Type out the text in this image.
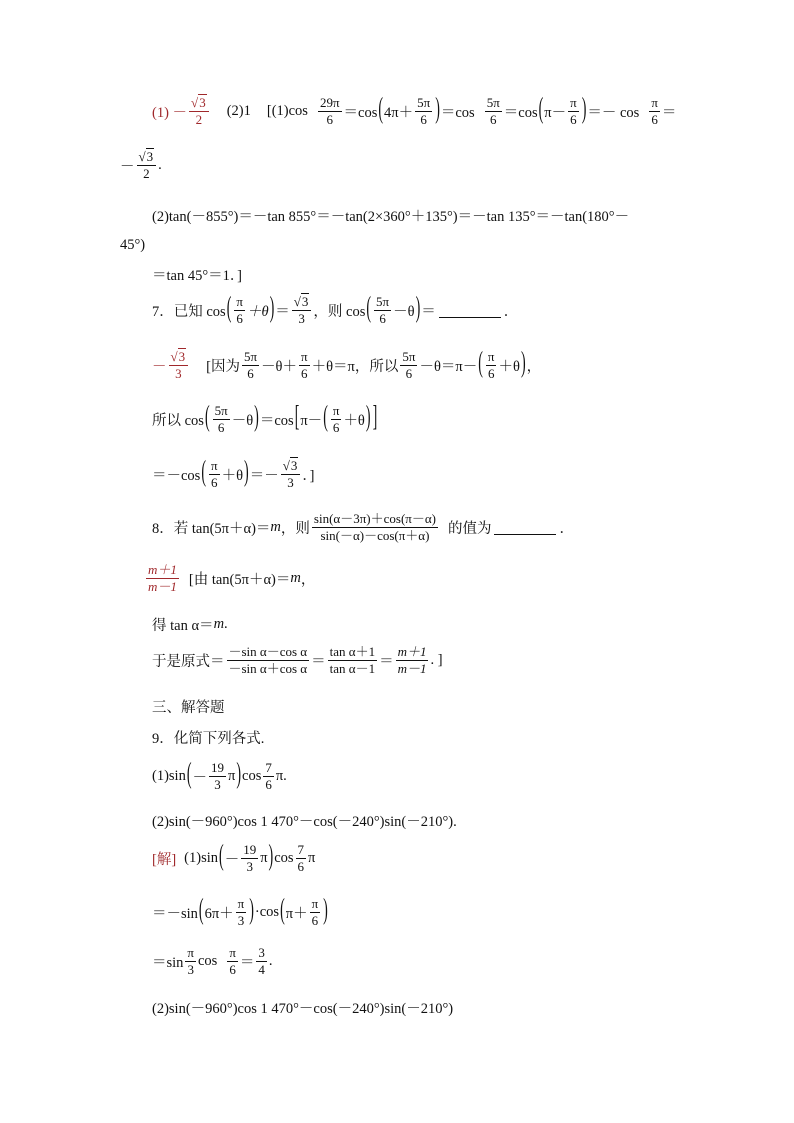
$(1) - \frac{√3}{2} (2)1$ [$(1)\cos \frac{29\pi}{6} =\cos$ ( $4\pi+ \frac{5\pi}{6}$ ) $=\cos \frac{5\pi}{6} =\cos$ ( $\pi- \frac{\pi}{6}$ ) ＝－ $\cos \frac{\pi}{6}$ ＝
－ $\frac{√3}{2}$ .
(2)tan(－855°)＝－tan 855°＝－tan(2×360°＋135°)＝－tan 135°＝－tan(180°－
45°)
＝tan 45°＝1．]
7．已知 cos ( $\frac{\pi}{6} +\theta$ ) ＝ $\frac{√3}{3}$ ，则 cos ( $\frac{5\pi}{6} -\theta$ ) ＝	．
－ $\frac{√3}{3}$ [因为 $\frac{5\pi}{6} -\theta+ \frac{\pi}{6} +\theta=\pi$，所以 $\frac{5\pi}{6} -\theta=\pi-$ ( $\frac{\pi}{6} +\theta$ ) ，
所以 cos ( $\frac{5\pi}{6} -\theta$ ) ＝cos [ π－ ( $\frac{\pi}{6} +\theta$ ) ]
＝－cos ( $\frac{\pi}{6} +\theta$ ) ＝－ $\frac{√3}{3}$ ．]
8．若 tan(5π＋α)＝ m ，则 $\frac{\sin(\alpha-3\pi)+\cos(\pi-\alpha)}{\sin(-\alpha)-\cos(\pi+\alpha)}$ 的值为	．
$\frac{m+1}{m-1}$ [由 tan(5π＋α)＝ m ，
得 tan α＝ m .
于是原式＝ $\frac{\text{－sin α－cos α}}{\text{－sin α＋cos α}} = \frac{\text{tan α＋1}}{\text{tan α－1}} = \frac{m+1}{m-1}$ . ]
三、解答题
9．化简下列各式.
(1)sin ( － $\frac{19}{3}$ π ) $\cos \frac{7}{6} \pi$.
(2)sin(－960°)cos 1 470°－cos(－240°)sin(－210°).
[解] (1)sin ( － $\frac{19}{3}$ π ) $\cos \frac{7}{6}$ π
＝－sin ( $6\pi+ \frac{\pi}{3}$ ) ·cos ( $\pi+ \frac{\pi}{6}$ )
$=\sin \frac{\pi}{3}$ $\cos \frac{\pi}{6} = \frac{3}{4}$ .
(2)sin(－960°)cos 1 470°－cos(－240°)sin(－210°)
